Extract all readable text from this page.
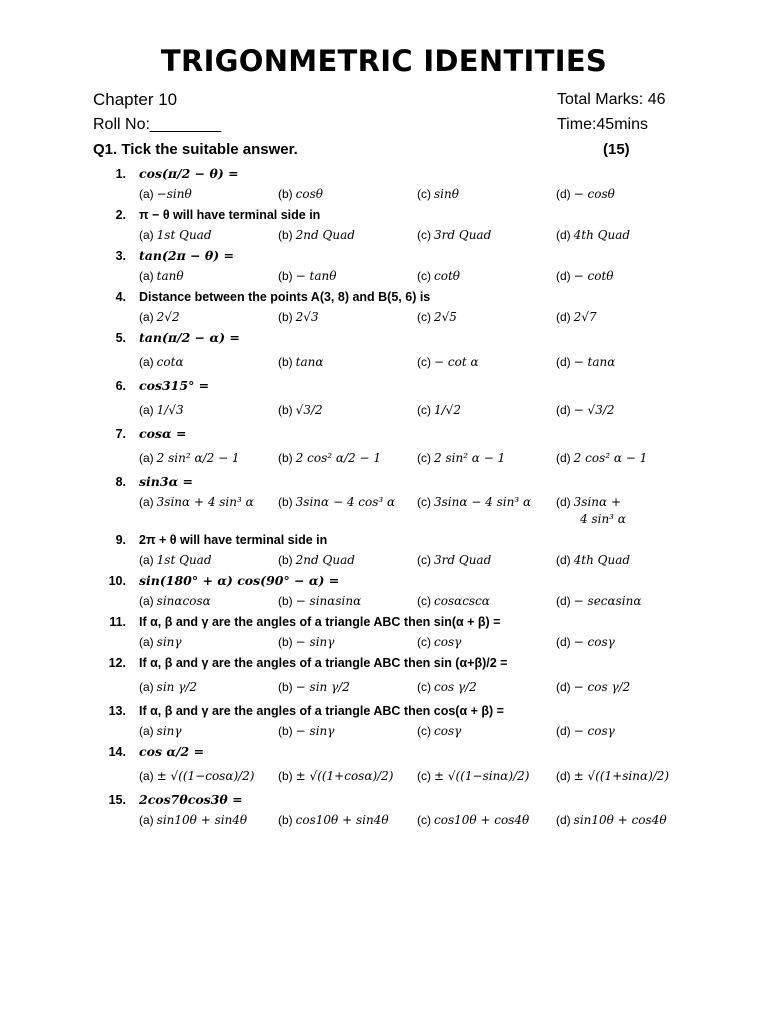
TRIGONMETRIC IDENTITIES
Chapter 10	Total Marks: 46
Roll No:________	Time:45mins
Q1. Tick the suitable answer.	(15)
1. cos(π/2 − θ) =
(a) −sinθ	(b) cosθ	(c) sinθ	(d) − cosθ
2. π − θ will have terminal side in
(a) 1st Quad	(b) 2nd Quad	(c) 3rd Quad	(d) 4th Quad
3. tan(2π − θ) =
(a) tanθ	(b) − tanθ	(c) cotθ	(d) − cotθ
4. Distance between the points A(3, 8) and B(5, 6) is
(a) 2√2	(b) 2√3	(c) 2√5	(d) 2√7
5. tan(π/2 − α) =
(a) cotα	(b) tanα	(c) − cot α	(d) − tanα
6. cos315° =
(a) 1/√3	(b) √3/2	(c) 1/√2	(d) − √3/2
7. cosα =
(a) 2 sin² α/2 − 1	(b) 2 cos² α/2 − 1	(c) 2 sin² α − 1	(d) 2 cos² α − 1
8. sin3α =
(a) 3sinα + 4 sin³ α (b) 3sinα − 4 cos³ α (c) 3sinα − 4 sin³ α (d) 3sinα +
4 sin³ α
9. 2π + θ will have terminal side in
(a) 1st Quad	(b) 2nd Quad	(c) 3rd Quad	(d) 4th Quad
10. sin(180° + α) cos(90° − α) =
(a) sinαcosα	(b) − sinαsinα	(c) cosαcscα	(d) − secαsinα
11. If α, β and γ are the angles of a triangle ABC then sin(α + β) =
(a) sinγ	(b) − sinγ	(c) cosγ	(d) − cosγ
12. If α, β and γ are the angles of a triangle ABC then sin (α+β)/2 =
(a) sin γ/2	(b) − sin γ/2	(c) cos γ/2	(d) − cos γ/2
13. If α, β and γ are the angles of a triangle ABC then cos(α + β) =
(a) sinγ	(b) − sinγ	(c) cosγ	(d) − cosγ
14. cos α/2 =
(a) ± √((1−cosα)/2) (b) ± √((1+cosα)/2) (c) ± √((1−sinα)/2) (d) ± √((1+sinα)/2)
15. 2cos7θcos3θ =
(a) sin10θ + sin4θ	(b) cos10θ + sin4θ (c) cos10θ + cos4θ (d) sin10θ + cos4θ
